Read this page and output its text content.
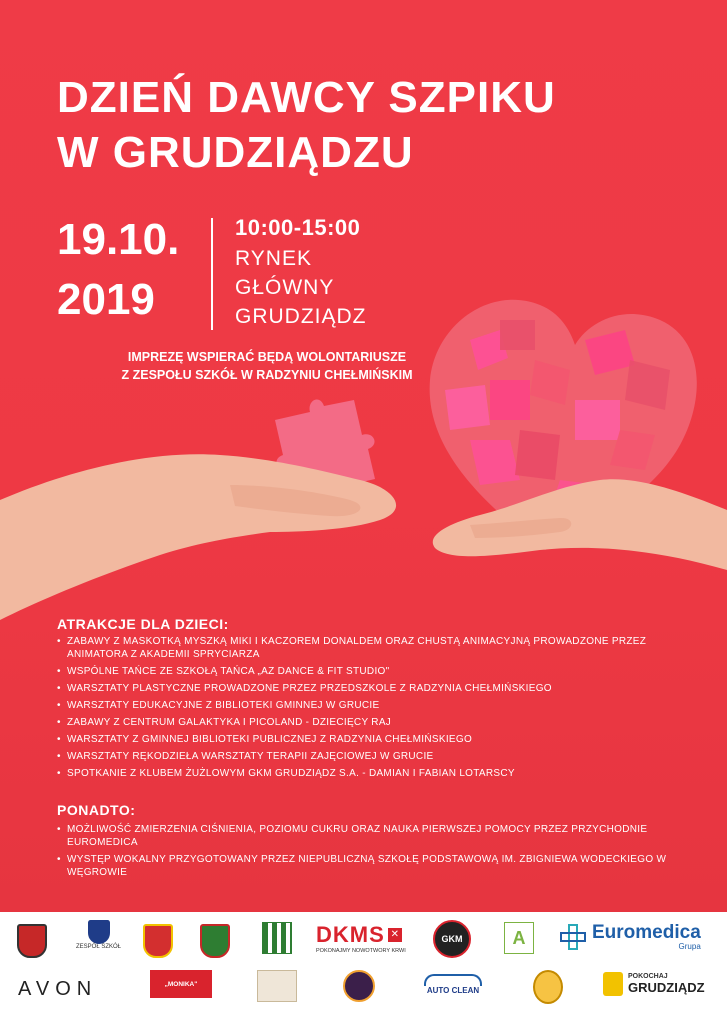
DZIEŃ DAWCY SZPIKU
W GRUDZIĄDZU
19.10.
2019
10:00-15:00
RYNEK
GŁÓWNY
GRUDZIĄDZ
IMPREZĘ WSPIERAĆ BĘDĄ WOLONTARIUSZE
Z ZESPOŁU SZKÓŁ W RADZYNIU CHEŁMIŃSKIM
ATRAKCJE DLA DZIECI:
• ZABAWY Z MASKOTKĄ MYSZKĄ MIKI I KACZOREM DONALDEM ORAZ CHUSTĄ ANIMACYJNĄ PROWADZONE PRZEZ ANIMATORA Z AKADEMII SPRYCIARZA
• WSPÓLNE TAŃCE ZE SZKOŁĄ TAŃCA „AZ DANCE & FIT STUDIO"
• WARSZTATY PLASTYCZNE PROWADZONE PRZEZ PRZEDSZKOLE Z RADZYNIA CHEŁMIŃSKIEGO
• WARSZTATY EDUKACYJNE Z BIBLIOTEKI GMINNEJ W GRUCIE
• ZABAWY Z CENTRUM GALAKTYKA I PICOLAND - DZIECIĘCY RAJ
• WARSZTATY Z GMINNEJ BIBLIOTEKI PUBLICZNEJ Z RADZYNIA CHEŁMIŃSKIEGO
• WARSZTATY RĘKODZIEŁA WARSZTATY TERAPII ZAJĘCIOWEJ W GRUCIE
• SPOTKANIE Z KLUBEM ŻUŻLOWYM GKM GRUDZIĄDZ S.A. - DAMIAN I FABIAN LOTARSCY
PONADTO:
• MOŻLIWOŚĆ ZMIERZENIA CIŚNIENIA, POZIOMU CUKRU ORAZ NAUKA PIERWSZEJ POMOCY PRZEZ PRZYCHODNIE EUROMEDICA
• WYSTĘP WOKALNY PRZYGOTOWANY PRZEZ NIEPUBLICZNĄ SZKOŁĘ PODSTAWOWĄ IM. ZBIGNIEWA WODECKIEGO W WĘGROWIE
ZESPÓŁ SZKÓŁ	DKMS ✕
POKONAJMY NOWOTWORY KRWI
GKM	A	Euromedica
Grupa
AVON	„MONIKA"
AUTO CLEAN
POKOCHAJ
GRUDZIĄDZ
